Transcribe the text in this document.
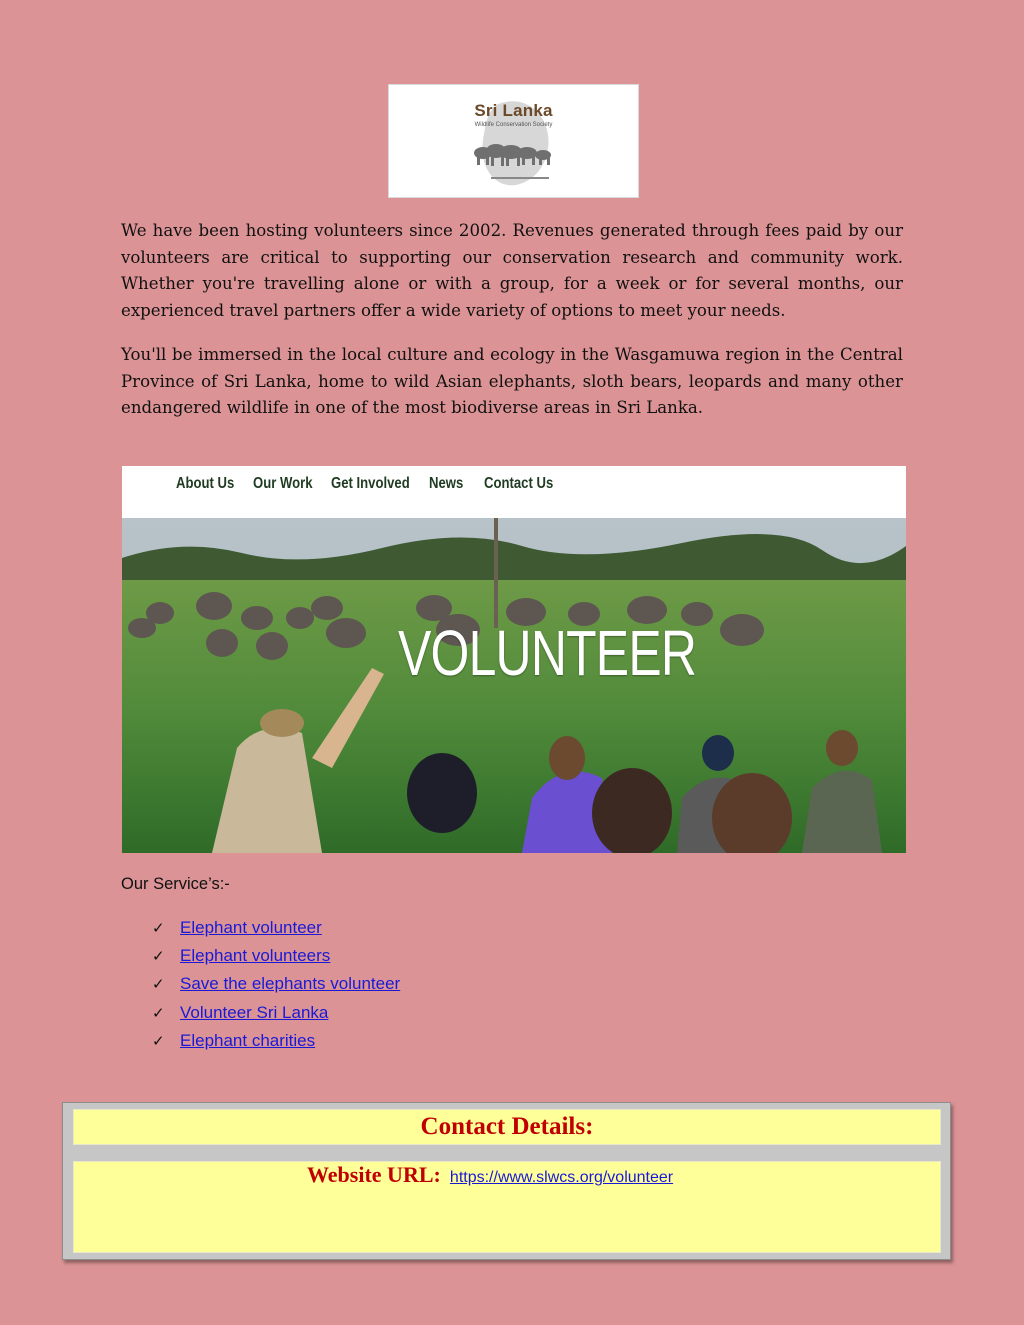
Sri Lanka
Wildlife Conservation Society

We have been hosting volunteers since 2002. Revenues generated through fees paid by our volunteers are critical to supporting our conservation research and community work. Whether you're travelling alone or with a group, for a week or for several months, our experienced travel partners offer a wide variety of options to meet your needs.

You'll be immersed in the local culture and ecology in the Wasgamuwa region in the Central Province of Sri Lanka, home to wild Asian elephants, sloth bears, leopards and many other endangered wildlife in one of the most biodiverse areas in Sri Lanka.

About Us Our Work Get Involved News Contact Us
VOLUNTEER
Our Service’s:-
✓ Elephant volunteer
✓ Elephant volunteers
✓ Save the elephants volunteer
✓ Volunteer Sri Lanka
✓ Elephant charities
Contact Details:
Website URL: https://www.slwcs.org/volunteer
